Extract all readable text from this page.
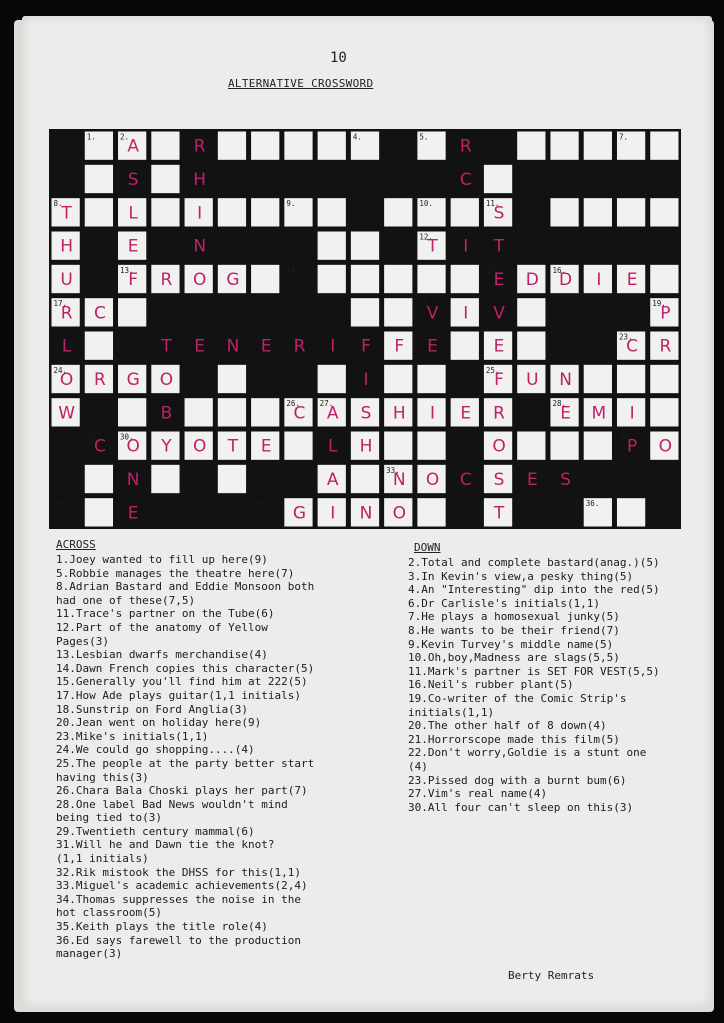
10
ALTERNATIVE CROSSWORD
1.	2.	3.	4.	5.	6.	7.
8.	9.	10.	11.
12.
13.	14.	15.	16.
17.	18.	19.
20.	21.	22.	23.
24.	25.
26.	27.	28.
29.	30.	31.	32.
33.
34.	35.	36.
A	R	R
S	H	C
T	L	I	S
H	E	N	T I T
U	F R O G	E D D I E
R C	V I V	P
L	T E N E R I F F E	E	C R
O R G O	I	F U N
W	B	C A S H I E R	E M I
C O Y O T E	L H	O	P O
N	A	N O C S E S
E	G I N O	T
ACROSS
1.Joey wanted to fill up here(9)
5.Robbie manages the theatre here(7)
8.Adrian Bastard and Eddie Monsoon both
had one of these(7,5)
11.Trace's partner on the Tube(6)
12.Part of the anatomy of Yellow
Pages(3)
13.Lesbian dwarfs merchandise(4)
14.Dawn French copies this character(5)
15.Generally you'll find him at 222(5)
17.How Ade plays guitar(1,1 initials)
18.Sunstrip on Ford Anglia(3)
20.Jean went on holiday here(9)
23.Mike's initials(1,1)
24.We could go shopping....(4)
25.The people at the party better start
having this(3)
26.Chara Bala Choski plays her part(7)
28.One label Bad News wouldn't mind
being tied to(3)
29.Twentieth century mammal(6)
31.Will he and Dawn tie the knot?
(1,1 initials)
32.Rik mistook the DHSS for this(1,1)
33.Miguel's academic achievements(2,4)
34.Thomas suppresses the noise in the
hot classroom(5)
35.Keith plays the title role(4)
36.Ed says farewell to the production
manager(3)
DOWN
2.Total and complete bastard(anag.)(5)
3.In Kevin's view,a pesky thing(5)
4.An "Interesting" dip into the red(5)
6.Dr Carlisle's initials(1,1)
7.He plays a homosexual junky(5)
8.He wants to be their friend(7)
9.Kevin Turvey's middle name(5)
10.Oh,boy,Madness are slags(5,5)
11.Mark's partner is SET FOR VEST(5,5)
16.Neil's rubber plant(5)
19.Co-writer of the Comic Strip's
initials(1,1)
20.The other half of 8 down(4)
21.Horrorscope made this film(5)
22.Don't worry,Goldie is a stunt one
(4)
23.Pissed dog with a burnt bum(6)
27.Vim's real name(4)
30.All four can't sleep on this(3)
Berty Remrats
